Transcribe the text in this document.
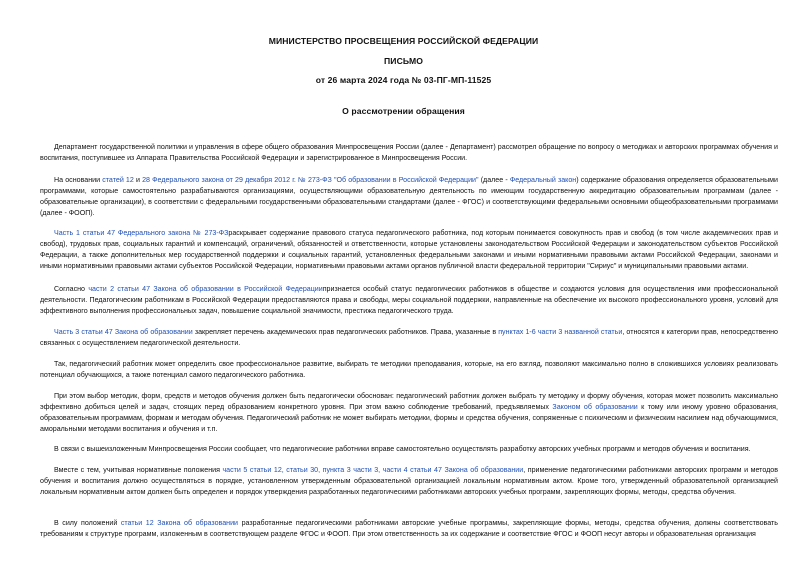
МИНИСТЕРСТВО ПРОСВЕЩЕНИЯ РОССИЙСКОЙ ФЕДЕРАЦИИ
ПИСЬМО
от 26 марта 2024 года № 03-ПГ-МП-11525
О рассмотрении обращения

Департамент государственной политики и управления в сфере общего образования Минпросвещения России (далее - Департамент) рассмотрел обращение по вопросу о методиках и авторских программах обучения и воспитания, поступившее из Аппарата Правительства Российской Федерации и зарегистрированное в Минпросвещения России.

На основании статей 12 и 28 Федерального закона от 29 декабря 2012 г. № 273-ФЗ "Об образовании в Российской Федерации" (далее - Федеральный закон) содержание образования определяется образовательными программами, которые самостоятельно разрабатываются организациями, осуществляющими образовательную деятельность по имеющим государственную аккредитацию образовательным программам (далее - образовательные организации), в соответствии с федеральными государственными образовательными стандартами (далее - ФГОС) и соответствующими федеральными основными общеобразовательными программами (далее - ФООП).

Часть 1 статьи 47 Федерального закона № 273-ФЗраскрывает содержание правового статуса педагогического работника, под которым понимается совокупность прав и свобод (в том числе академических прав и свобод), трудовых прав, социальных гарантий и компенсаций, ограничений, обязанностей и ответственности, которые установлены законодательством Российской Федерации и законодательством субъектов Российской Федерации, а также дополнительных мер государственной поддержки и социальных гарантий, установленных федеральными законами и иными нормативными правовыми актами Российской Федерации, законами и иными нормативными правовыми актами субъектов Российской Федерации, нормативными правовыми актами органов публичной власти федеральной территории "Сириус" и муниципальными правовыми актами.

Согласно части 2 статьи 47 Закона об образовании в Российской Федерациипризнается особый статус педагогических работников в обществе и создаются условия для осуществления ими профессиональной деятельности. Педагогическим работникам в Российской Федерации предоставляются права и свободы, меры социальной поддержки, направленные на обеспечение их высокого профессионального уровня, условий для эффективного выполнения профессиональных задач, повышение социальной значимости, престижа педагогического труда.

Часть 3 статьи 47 Закона об образовании закрепляет перечень академических прав педагогических работников. Права, указанные в пунктах 1-6 части 3 названной статьи, относятся к категории прав, непосредственно связанных с осуществлением педагогической деятельности.

Так, педагогический работник может определить свое профессиональное развитие, выбирать те методики преподавания, которые, на его взгляд, позволяют максимально полно в сложившихся условиях реализовать потенциал обучающихся, а также потенциал самого педагогического работника.

При этом выбор методик, форм, средств и методов обучения должен быть педагогически обоснован: педагогический работник должен выбрать ту методику и форму обучения, которая может позволить максимально эффективно добиться целей и задач, стоящих перед образованием конкретного уровня. При этом важно соблюдение требований, предъявляемых Законом об образовании к тому или иному уровню образования, образовательным программам, формам и методам обучения. Педагогический работник не может выбирать методики, формы и средства обучения, сопряженные с психическим и физическим насилием над обучающимися, аморальными методами воспитания и обучения и т.п.

В связи с вышеизложенным Минпросвещения России сообщает, что педагогические работники вправе самостоятельно осуществлять разработку авторских учебных программ и методов обучения и воспитания.

Вместе с тем, учитывая нормативные положения части 5 статьи 12, статьи 30, пункта 3 части 3, части 4 статьи 47 Закона об образовании, применение педагогическими работниками авторских программ и методов обучения и воспитания должно осуществляться в порядке, установленном утвержденным образовательной организацией локальным нормативным актом. Кроме того, утвержденный образовательной организацией локальным нормативным актом должен быть определен и порядок утверждения разработанных педагогическими работниками авторских учебных программ, закрепляющих формы, методы, средства обучения.

В силу положений статьи 12 Закона об образовании разработанные педагогическими работниками авторские учебные программы, закрепляющие формы, методы, средства обучения, должны соответствовать требованиям к структуре программ, изложенным в соответствующем разделе ФГОС и ФООП. При этом ответственность за их содержание и соответствие ФГОС и ФООП несут авторы и образовательная организация
